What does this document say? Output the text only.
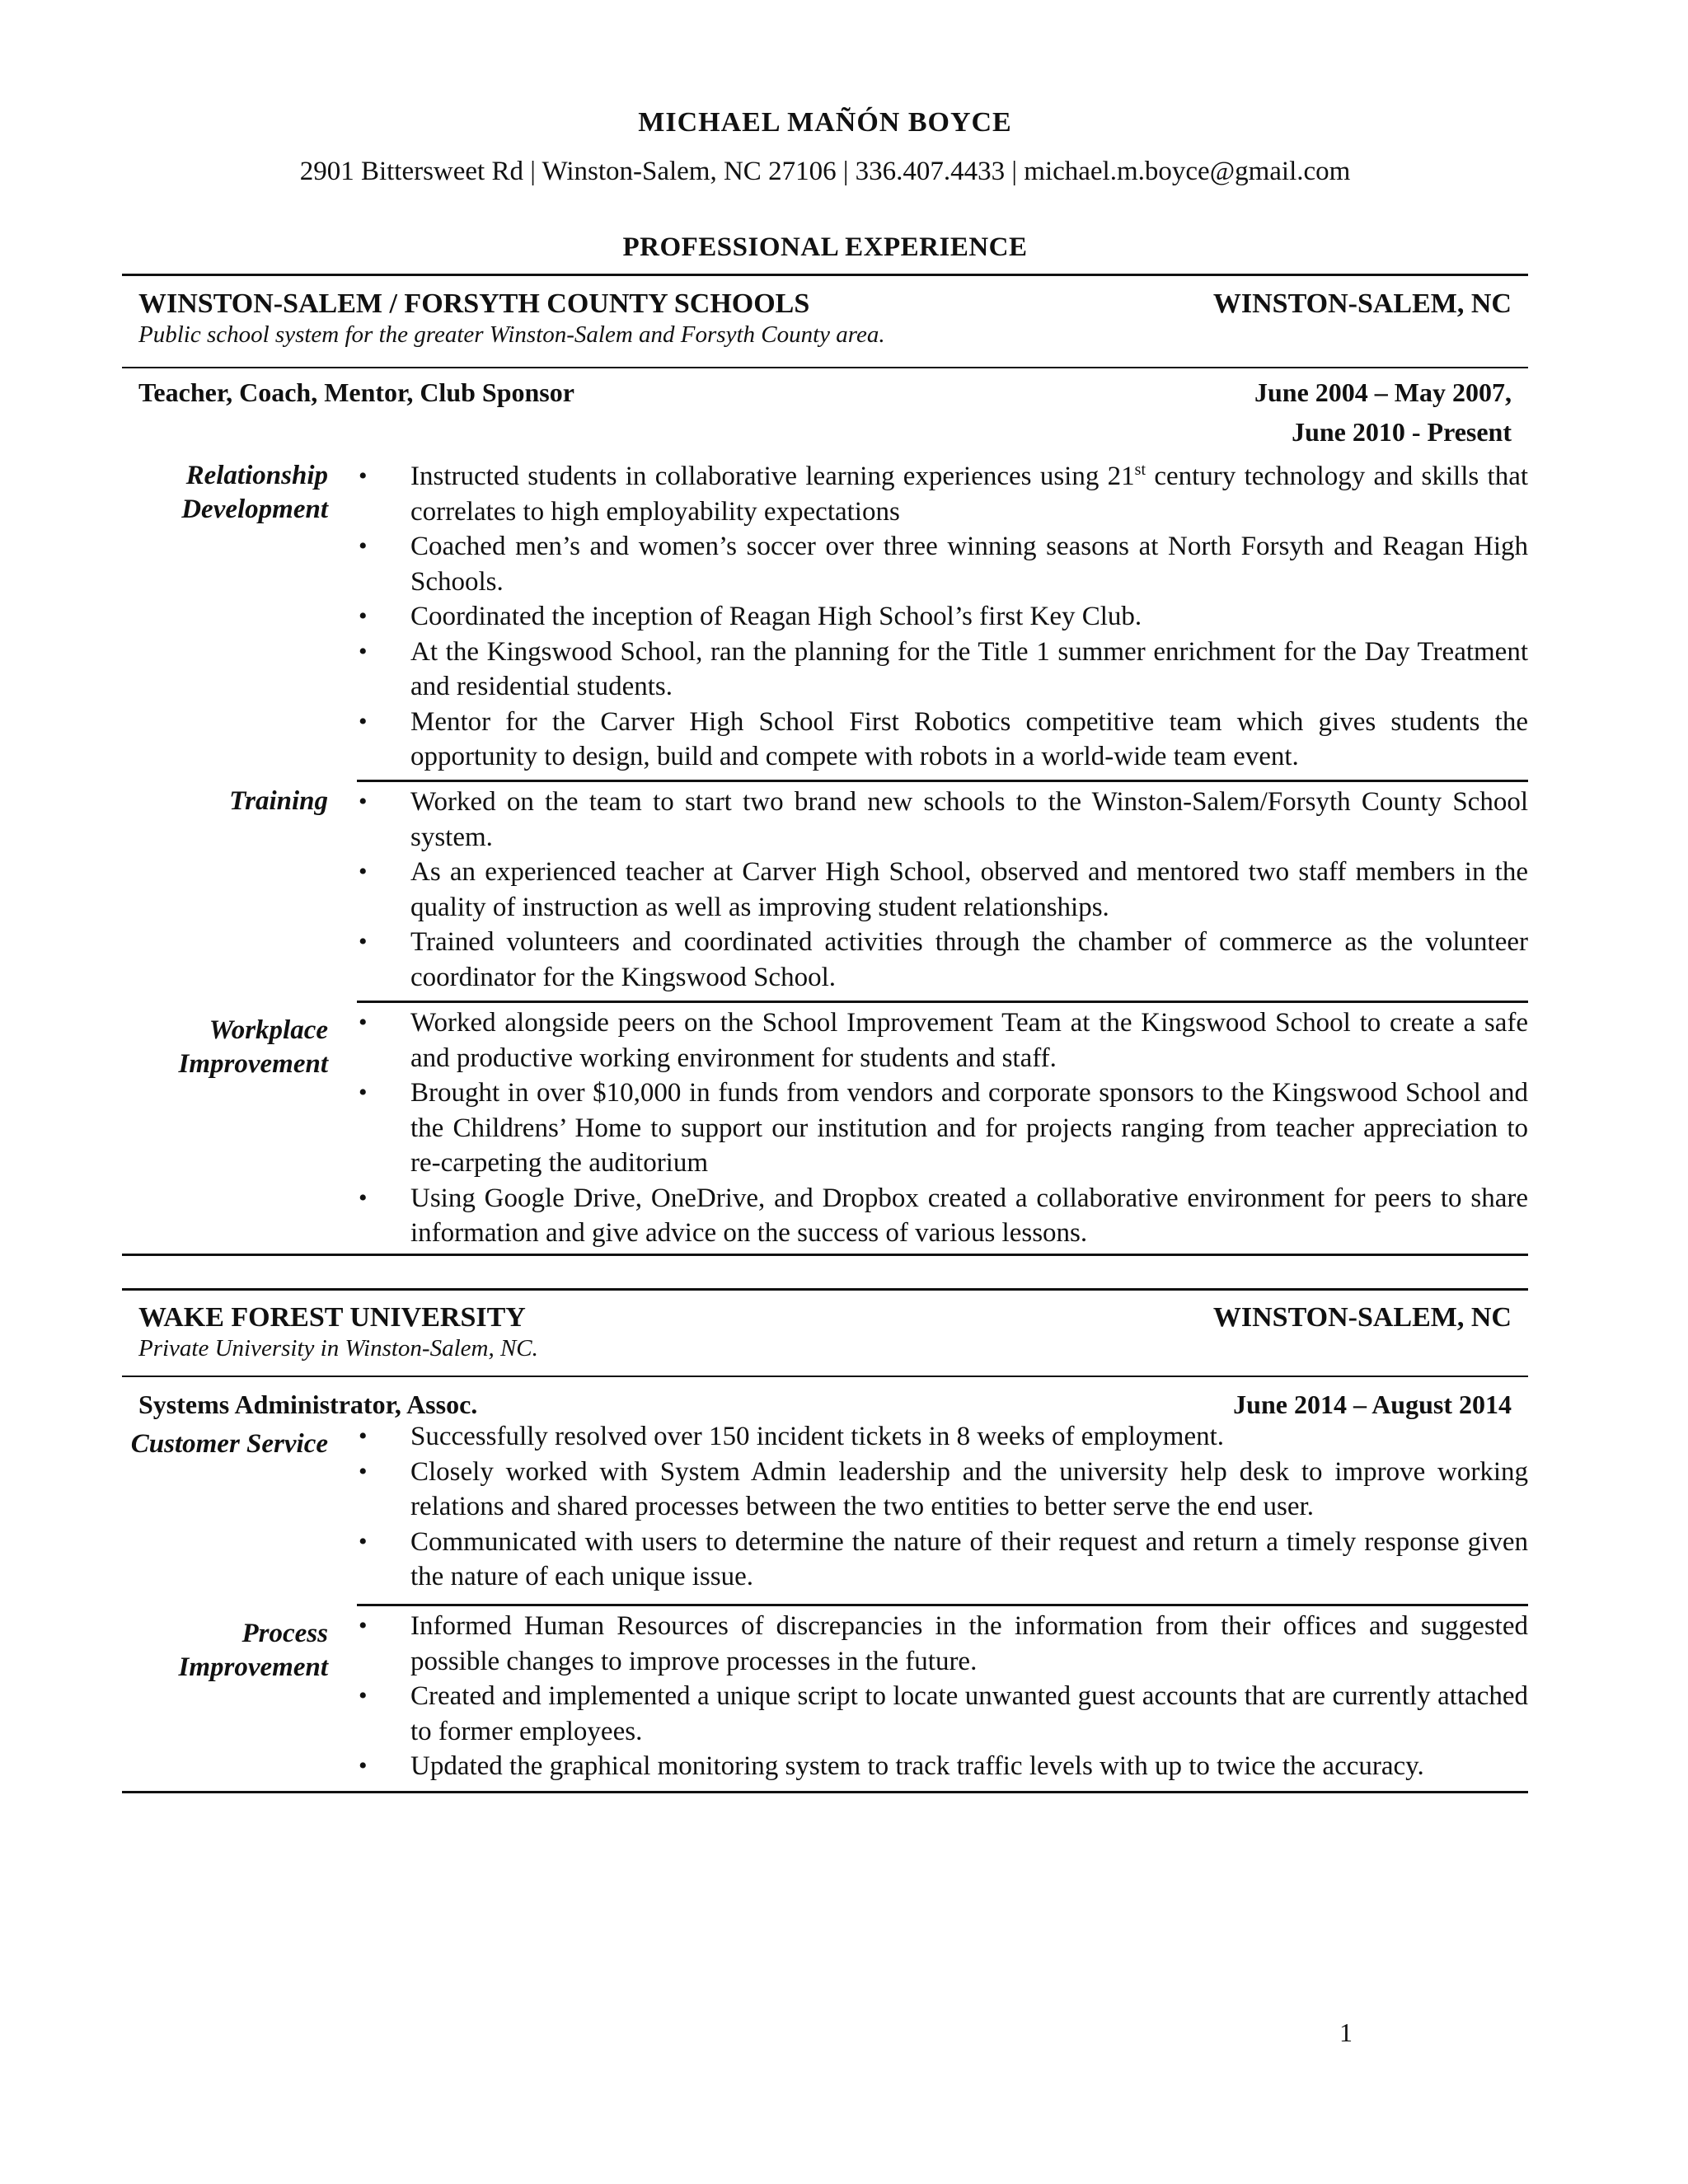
MICHAEL MAÑÓN BOYCE
2901 Bittersweet Rd | Winston-Salem, NC 27106 | 336.407.4433 | michael.m.boyce@gmail.com
PROFESSIONAL EXPERIENCE
WINSTON-SALEM / FORSYTH COUNTY SCHOOLS	WINSTON-SALEM, NC
Public school system for the greater Winston-Salem and Forsyth County area.
Teacher, Coach, Mentor, Club Sponsor	June 2004 – May 2007,
June 2010 - Present
Relationship Development
• Instructed students in collaborative learning experiences using 21st century technology and skills that correlates to high employability expectations
• Coached men’s and women’s soccer over three winning seasons at North Forsyth and Reagan High Schools.
• Coordinated the inception of Reagan High School’s first Key Club.
• At the Kingswood School, ran the planning for the Title 1 summer enrichment for the Day Treatment and residential students.
• Mentor for the Carver High School First Robotics competitive team which gives students the opportunity to design, build and compete with robots in a world-wide team event.
Training • Worked on the team to start two brand new schools to the Winston-Salem/Forsyth County School system.
• As an experienced teacher at Carver High School, observed and mentored two staff members in the quality of instruction as well as improving student relationships.
• Trained volunteers and coordinated activities through the chamber of commerce as the volunteer coordinator for the Kingswood School.
Workplace Improvement
• Worked alongside peers on the School Improvement Team at the Kingswood School to create a safe and productive working environment for students and staff.
• Brought in over $10,000 in funds from vendors and corporate sponsors to the Kingswood School and the Childrens’ Home to support our institution and for projects ranging from teacher appreciation to re-carpeting the auditorium
• Using Google Drive, OneDrive, and Dropbox created a collaborative environment for peers to share information and give advice on the success of various lessons.
WAKE FOREST UNIVERSITY	WINSTON-SALEM, NC
Private University in Winston-Salem, NC.
Systems Administrator, Assoc.	June 2014 – August 2014
Customer Service • Successfully resolved over 150 incident tickets in 8 weeks of employment.
• Closely worked with System Admin leadership and the university help desk to improve working relations and shared processes between the two entities to better serve the end user.
• Communicated with users to determine the nature of their request and return a timely response given the nature of each unique issue.
Process Improvement
• Informed Human Resources of discrepancies in the information from their offices and suggested possible changes to improve processes in the future.
• Created and implemented a unique script to locate unwanted guest accounts that are currently attached to former employees.
• Updated the graphical monitoring system to track traffic levels with up to twice the accuracy.
1
